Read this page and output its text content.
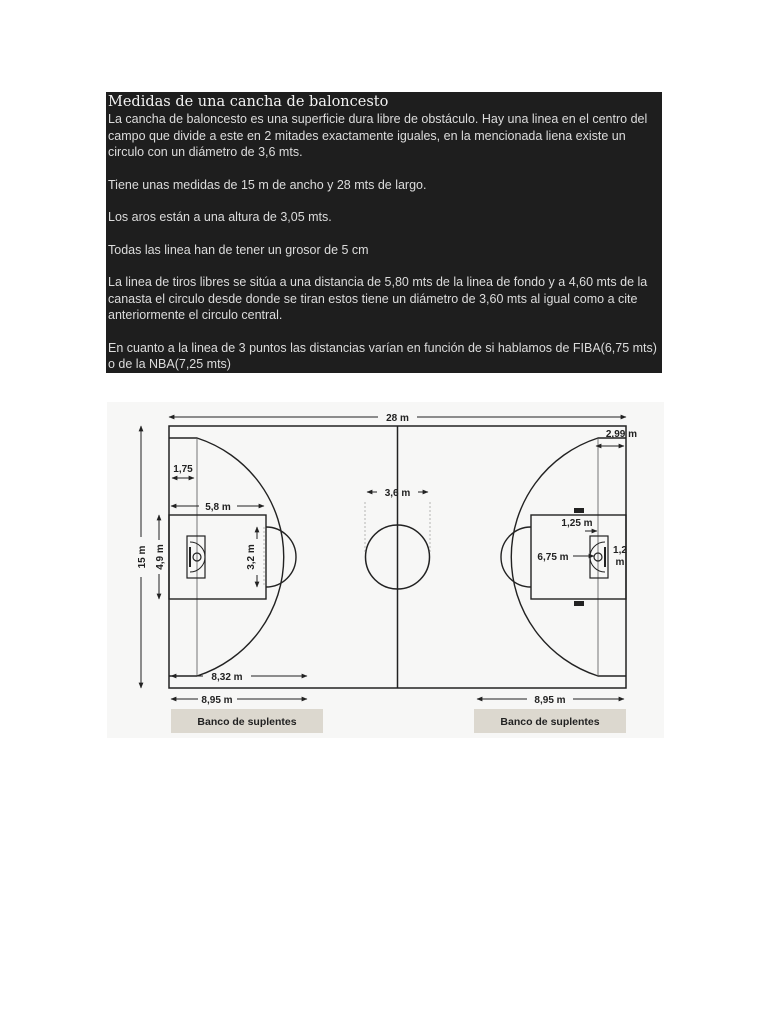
Medidas de una cancha de baloncesto

La cancha de baloncesto es una superficie dura libre de obstáculo. Hay una linea en el centro del campo que divide a este en 2 mitades exactamente iguales, en la mencionada liena existe un circulo con un diámetro de 3,6 mts.

Tiene unas medidas de 15 m de ancho y 28 mts de largo.

Los aros están a una altura de 3,05 mts.

Todas las linea han de tener un grosor de 5 cm

La linea de tiros libres se sitúa a una distancia de 5,80 mts de la linea de fondo y a 4,60 mts de la canasta el circulo desde donde se tiran estos tiene un diámetro de 3,60 mts al igual como a cite anteriormente el circulo central.

En cuanto a la linea de 3 puntos las distancias varían en función de si hablamos de FIBA(6,75 mts) o de la NBA(7,25 mts)

28 m
15 m
1,75
5,8 m
4,9 m	3,2 m
3,6 m
8,32 m
2,99 m
1,25 m
6,75 m
1,2
m
8,95 m	8,95 m
Banco de suplentes	Banco de suplentes
